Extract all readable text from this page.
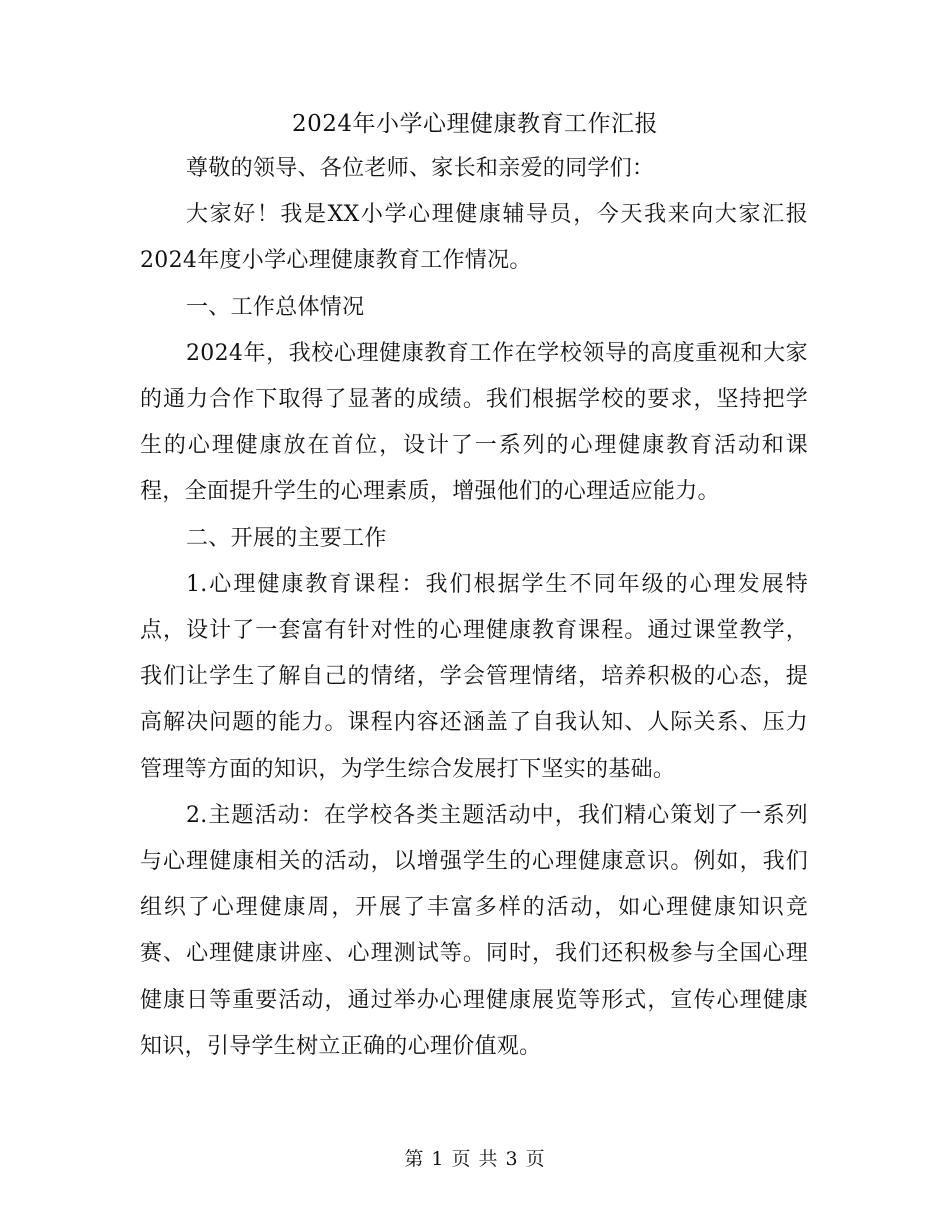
2024年小学心理健康教育工作汇报

尊敬的领导、各位老师、家长和亲爱的同学们：

大家好！我是XX小学心理健康辅导员，今天我来向大家汇报2024年度小学心理健康教育工作情况。

一、工作总体情况

2024年，我校心理健康教育工作在学校领导的高度重视和大家的通力合作下取得了显著的成绩。我们根据学校的要求，坚持把学生的心理健康放在首位，设计了一系列的心理健康教育活动和课程，全面提升学生的心理素质，增强他们的心理适应能力。

二、开展的主要工作

1.心理健康教育课程：我们根据学生不同年级的心理发展特点，设计了一套富有针对性的心理健康教育课程。通过课堂教学，我们让学生了解自己的情绪，学会管理情绪，培养积极的心态，提高解决问题的能力。课程内容还涵盖了自我认知、人际关系、压力管理等方面的知识，为学生综合发展打下坚实的基础。

2.主题活动：在学校各类主题活动中，我们精心策划了一系列与心理健康相关的活动，以增强学生的心理健康意识。例如，我们组织了心理健康周，开展了丰富多样的活动，如心理健康知识竞赛、心理健康讲座、心理测试等。同时，我们还积极参与全国心理健康日等重要活动，通过举办心理健康展览等形式，宣传心理健康知识，引导学生树立正确的心理价值观。

第 1 页 共 3 页
